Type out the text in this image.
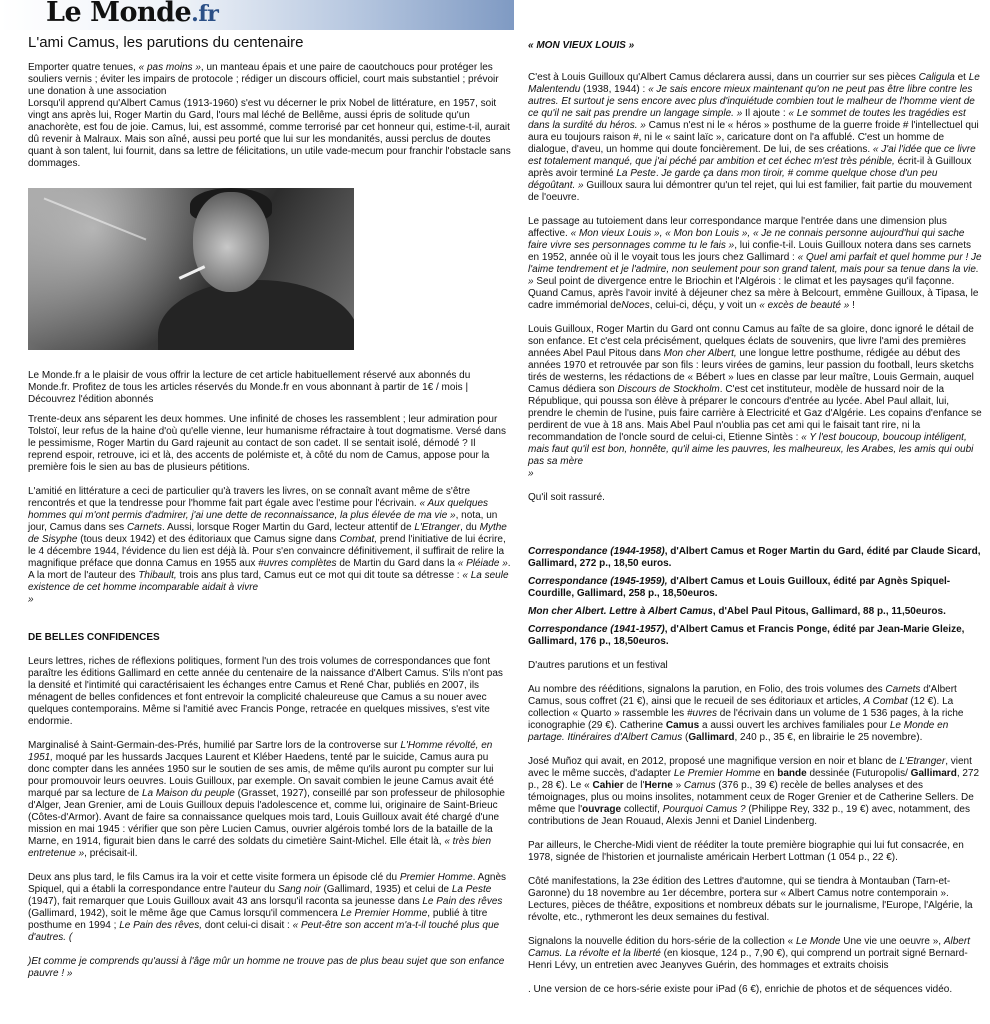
Le Monde.fr
L'ami Camus, les parutions du centenaire

Emporter quatre tenues, « pas moins », un manteau épais et une paire de caoutchoucs pour protéger les souliers vernis ; éviter les impairs de protocole ; rédiger un discours officiel, court mais substantiel ; prévoir une donation à une association

Lorsqu'il apprend qu'Albert Camus (1913-1960) s'est vu décerner le prix Nobel de littérature, en 1957, soit vingt ans après lui, Roger Martin du Gard, l'ours mal léché de Bellême, aussi épris de solitude qu'un anachorète, est fou de joie. Camus, lui, est assommé, comme terrorisé par cet honneur qui, estime-t-il, aurait dû revenir à Malraux. Mais son aîné, aussi peu porté que lui sur les mondanités, aussi perclus de doutes quant à son talent, lui fournit, dans sa lettre de félicitations, un utile vade-mecum pour franchir l'obstacle sans dommages.

Le Monde.fr a le plaisir de vous offrir la lecture de cet article habituellement réservé aux abonnés du Monde.fr. Profitez de tous les articles réservés du Monde.fr en vous abonnant à partir de 1€ / mois | Découvrez l'édition abonnés

Trente-deux ans séparent les deux hommes. Une infinité de choses les rassemblent ; leur admiration pour Tolstoï, leur refus de la haine d'où qu'elle vienne, leur humanisme réfractaire à tout dogmatisme. Versé dans le pessimisme, Roger Martin du Gard rajeunit au contact de son cadet. Il se sentait isolé, démodé ? Il reprend espoir, retrouve, ici et là, des accents de polémiste et, à côté du nom de Camus, appose pour la première fois le sien au bas de plusieurs pétitions.

L'amitié en littérature a ceci de particulier qu'à travers les livres, on se connaît avant même de s'être rencontrés et que la tendresse pour l'homme fait part égale avec l'estime pour l'écrivain. « Aux quelques hommes qui m'ont permis d'admirer, j'ai une dette de reconnaissance, la plus élevée de ma vie », nota, un jour, Camus dans ses Carnets. Aussi, lorsque Roger Martin du Gard, lecteur attentif de L'Etranger, du Mythe de Sisyphe (tous deux 1942) et des éditoriaux que Camus signe dans Combat, prend l'initiative de lui écrire, le 4 décembre 1944, l'évidence du lien est déjà là. Pour s'en convaincre définitivement, il suffirait de relire la magnifique préface que donna Camus en 1955 aux #uvres complètes de Martin du Gard dans la « Pléiade ». A la mort de l'auteur des Thibault, trois ans plus tard, Camus eut ce mot qui dit toute sa détresse : « La seule existence de cet homme incomparable aidait à vivre

»

DE BELLES CONFIDENCES

Leurs lettres, riches de réflexions politiques, forment l'un des trois volumes de correspondances que font paraître les éditions Gallimard en cette année du centenaire de la naissance d'Albert Camus. S'ils n'ont pas la densité et l'intimité qui caractérisaient les échanges entre Camus et René Char, publiés en 2007, ils ménagent de belles confidences et font entrevoir la complicité chaleureuse que Camus a su nouer avec quelques contemporains. Même si l'amitié avec Francis Ponge, retracée en quelques missives, s'est vite endormie.

Marginalisé à Saint-Germain-des-Prés, humilié par Sartre lors de la controverse sur L'Homme révolté, en 1951, moqué par les hussards Jacques Laurent et Kléber Haedens, tenté par le suicide, Camus aura pu donc compter dans les années 1950 sur le soutien de ses amis, de même qu'ils auront pu compter sur lui pour promouvoir leurs oeuvres. Louis Guilloux, par exemple. On savait combien le jeune Camus avait été marqué par sa lecture de La Maison du peuple (Grasset, 1927), conseillé par son professeur de philosophie d'Alger, Jean Grenier, ami de Louis Guilloux depuis l'adolescence et, comme lui, originaire de Saint-Brieuc (Côtes-d'Armor). Avant de faire sa connaissance quelques mois tard, Louis Guilloux avait été chargé d'une mission en mai 1945 : vérifier que son père Lucien Camus, ouvrier algérois tombé lors de la bataille de la Marne, en 1914, figurait bien dans le carré des soldats du cimetière Saint-Michel. Elle était là, « très bien entretenue », précisait-il.

Deux ans plus tard, le fils Camus ira la voir et cette visite formera un épisode clé du Premier Homme. Agnès Spiquel, qui a établi la correspondance entre l'auteur du Sang noir (Gallimard, 1935) et celui de La Peste (1947), fait remarquer que Louis Guilloux avait 43 ans lorsqu'il raconta sa jeunesse dans Le Pain des rêves (Gallimard, 1942), soit le même âge que Camus lorsqu'il commencera Le Premier Homme, publié à titre posthume en 1994 ; Le Pain des rêves, dont celui-ci disait : « Peut-être son accent m'a-t-il touché plus que d'autres. (

)Et comme je comprends qu'aussi à l'âge mûr un homme ne trouve pas de plus beau sujet que son enfance pauvre ! »

« MON VIEUX LOUIS »

C'est à Louis Guilloux qu'Albert Camus déclarera aussi, dans un courrier sur ses pièces Caligula et Le Malentendu (1938, 1944) : « Je sais encore mieux maintenant qu'on ne peut pas être libre contre les autres. Et surtout je sens encore avec plus d'inquiétude combien tout le malheur de l'homme vient de ce qu'il ne sait pas prendre un langage simple. » Il ajoute : « Le sommet de toutes les tragédies est dans la surdité du héros. » Camus n'est ni le « héros » posthume de la guerre froide # l'intellectuel qui aura eu toujours raison #, ni le « saint laïc », caricature dont on l'a affublé. C'est un homme de dialogue, d'aveu, un homme qui doute foncièrement. De lui, de ses créations. « J'ai l'idée que ce livre est totalement manqué, que j'ai péché par ambition et cet échec m'est très pénible, écrit-il à Guilloux après avoir terminé La Peste. Je garde ça dans mon tiroir, # comme quelque chose d'un peu dégoûtant. » Guilloux saura lui démontrer qu'un tel rejet, qui lui est familier, fait partie du mouvement de l'oeuvre.

Le passage au tutoiement dans leur correspondance marque l'entrée dans une dimension plus affective. « Mon vieux Louis », « Mon bon Louis », « Je ne connais personne aujourd'hui qui sache faire vivre ses personnages comme tu le fais », lui confie-t-il. Louis Guilloux notera dans ses carnets en 1952, année où il le voyait tous les jours chez Gallimard : « Quel ami parfait et quel homme pur ! Je l'aime tendrement et je l'admire, non seulement pour son grand talent, mais pour sa tenue dans la vie. » Seul point de divergence entre le Briochin et l'Algérois : le climat et les paysages qu'il façonne. Quand Camus, après l'avoir invité à déjeuner chez sa mère à Belcourt, emmène Guilloux, à Tipasa, le cadre immémorial deNoces, celui-ci, déçu, y voit un « excès de beauté » !

Louis Guilloux, Roger Martin du Gard ont connu Camus au faîte de sa gloire, donc ignoré le détail de son enfance. Et c'est cela précisément, quelques éclats de souvenirs, que livre l'ami des premières années Abel Paul Pitous dans Mon cher Albert, une longue lettre posthume, rédigée au début des années 1970 et retrouvée par son fils : leurs virées de gamins, leur passion du football, leurs sketchs tirés de westerns, les rédactions de « Bébert » lues en classe par leur maître, Louis Germain, auquel Camus dédiera son Discours de Stockholm. C'est cet instituteur, modèle de hussard noir de la République, qui poussa son élève à préparer le concours d'entrée au lycée. Abel Paul allait, lui, prendre le chemin de l'usine, puis faire carrière à Electricité et Gaz d'Algérie. Les copains d'enfance se perdirent de vue à 18 ans. Mais Abel Paul n'oublia pas cet ami qui le faisait tant rire, ni la recommandation de l'oncle sourd de celui-ci, Etienne Sintès : « Y l'est boucoup, boucoup intéligent, mais faut qu'il est bon, honnête, qu'il aime les pauvres, les malheureux, les Arabes, les amis qui oubi pas sa mère

»

Qu'il soit rassuré.

Correspondance (1944-1958), d'Albert Camus et Roger Martin du Gard, édité par Claude Sicard, Gallimard, 272 p., 18,50 euros.

Correspondance (1945-1959), d'Albert Camus et Louis Guilloux, édité par Agnès Spiquel-Courdille, Gallimard, 258 p., 18,50euros.

Mon cher Albert. Lettre à Albert Camus, d'Abel Paul Pitous, Gallimard, 88 p., 11,50euros.

Correspondance (1941-1957), d'Albert Camus et Francis Ponge, édité par Jean-Marie Gleize, Gallimard, 176 p., 18,50euros.

D'autres parutions et un festival

Au nombre des rééditions, signalons la parution, en Folio, des trois volumes des Carnets d'Albert Camus, sous coffret (21 €), ainsi que le recueil de ses éditoriaux et articles, A Combat (12 €). La collection « Quarto » rassemble les #uvres de l'écrivain dans un volume de 1 536 pages, à la riche iconographie (29 €). Catherine Camus a aussi ouvert les archives familiales pour Le Monde en partage. Itinéraires d'Albert Camus (Gallimard, 240 p., 35 €, en librairie le 25 novembre).

José Muñoz qui avait, en 2012, proposé une magnifique version en noir et blanc de L'Etranger, vient avec le même succès, d'adapter Le Premier Homme en bande dessinée (Futuropolis/ Gallimard, 272 p., 28 €). Le « Cahier de l'Herne » Camus (376 p., 39 €) recèle de belles analyses et des témoignages, plus ou moins insolites, notamment ceux de Roger Grenier et de Catherine Sellers. De même que l'ouvrage collectif, Pourquoi Camus ? (Philippe Rey, 332 p., 19 €) avec, notamment, des contributions de Jean Rouaud, Alexis Jenni et Daniel Lindenberg.

Par ailleurs, le Cherche-Midi vient de rééditer la toute première biographie qui lui fut consacrée, en 1978, signée de l'historien et journaliste américain Herbert Lottman (1 054 p., 22 €).

Côté manifestations, la 23e édition des Lettres d'automne, qui se tiendra à Montauban (Tarn-et-Garonne) du 18 novembre au 1er décembre, portera sur « Albert Camus notre contemporain ». Lectures, pièces de théâtre, expositions et nombreux débats sur le journalisme, l'Europe, l'Algérie, la révolte, etc., rythmeront les deux semaines du festival.

Signalons la nouvelle édition du hors-série de la collection « Le Monde Une vie une oeuvre », Albert Camus. La révolte et la liberté (en kiosque, 124 p., 7,90 €), qui comprend un portrait signé Bernard-Henri Lévy, un entretien avec Jeanyves Guérin, des hommages et extraits choisis

. Une version de ce hors-série existe pour iPad (6 €), enrichie de photos et de séquences vidéo.
